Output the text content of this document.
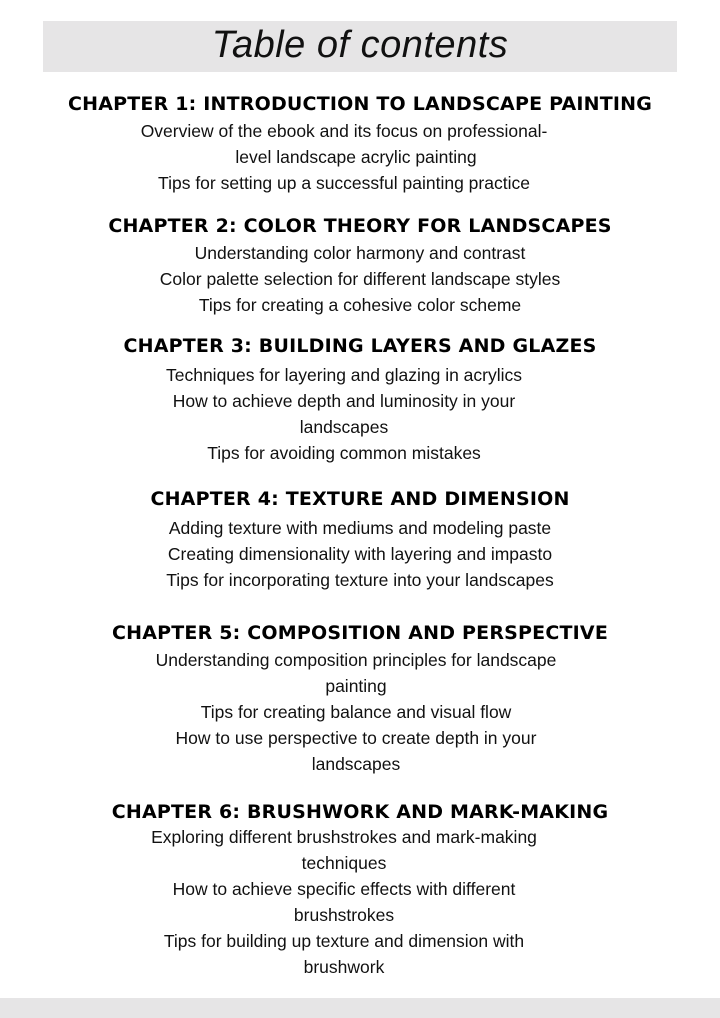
Table of contents
CHAPTER 1: INTRODUCTION TO LANDSCAPE PAINTING
Overview of the ebook and its focus on professional-
level landscape acrylic painting
Tips for setting up a successful painting practice
CHAPTER 2: COLOR THEORY FOR LANDSCAPES
Understanding color harmony and contrast
Color palette selection for different landscape styles
Tips for creating a cohesive color scheme
CHAPTER 3: BUILDING LAYERS AND GLAZES
Techniques for layering and glazing in acrylics
How to achieve depth and luminosity in your
landscapes
Tips for avoiding common mistakes
CHAPTER 4: TEXTURE AND DIMENSION
Adding texture with mediums and modeling paste
Creating dimensionality with layering and impasto
Tips for incorporating texture into your landscapes
CHAPTER 5: COMPOSITION AND PERSPECTIVE
Understanding composition principles for landscape
painting
Tips for creating balance and visual flow
How to use perspective to create depth in your
landscapes
CHAPTER 6: BRUSHWORK AND MARK-MAKING
Exploring different brushstrokes and mark-making
techniques
How to achieve specific effects with different
brushstrokes
Tips for building up texture and dimension with
brushwork
